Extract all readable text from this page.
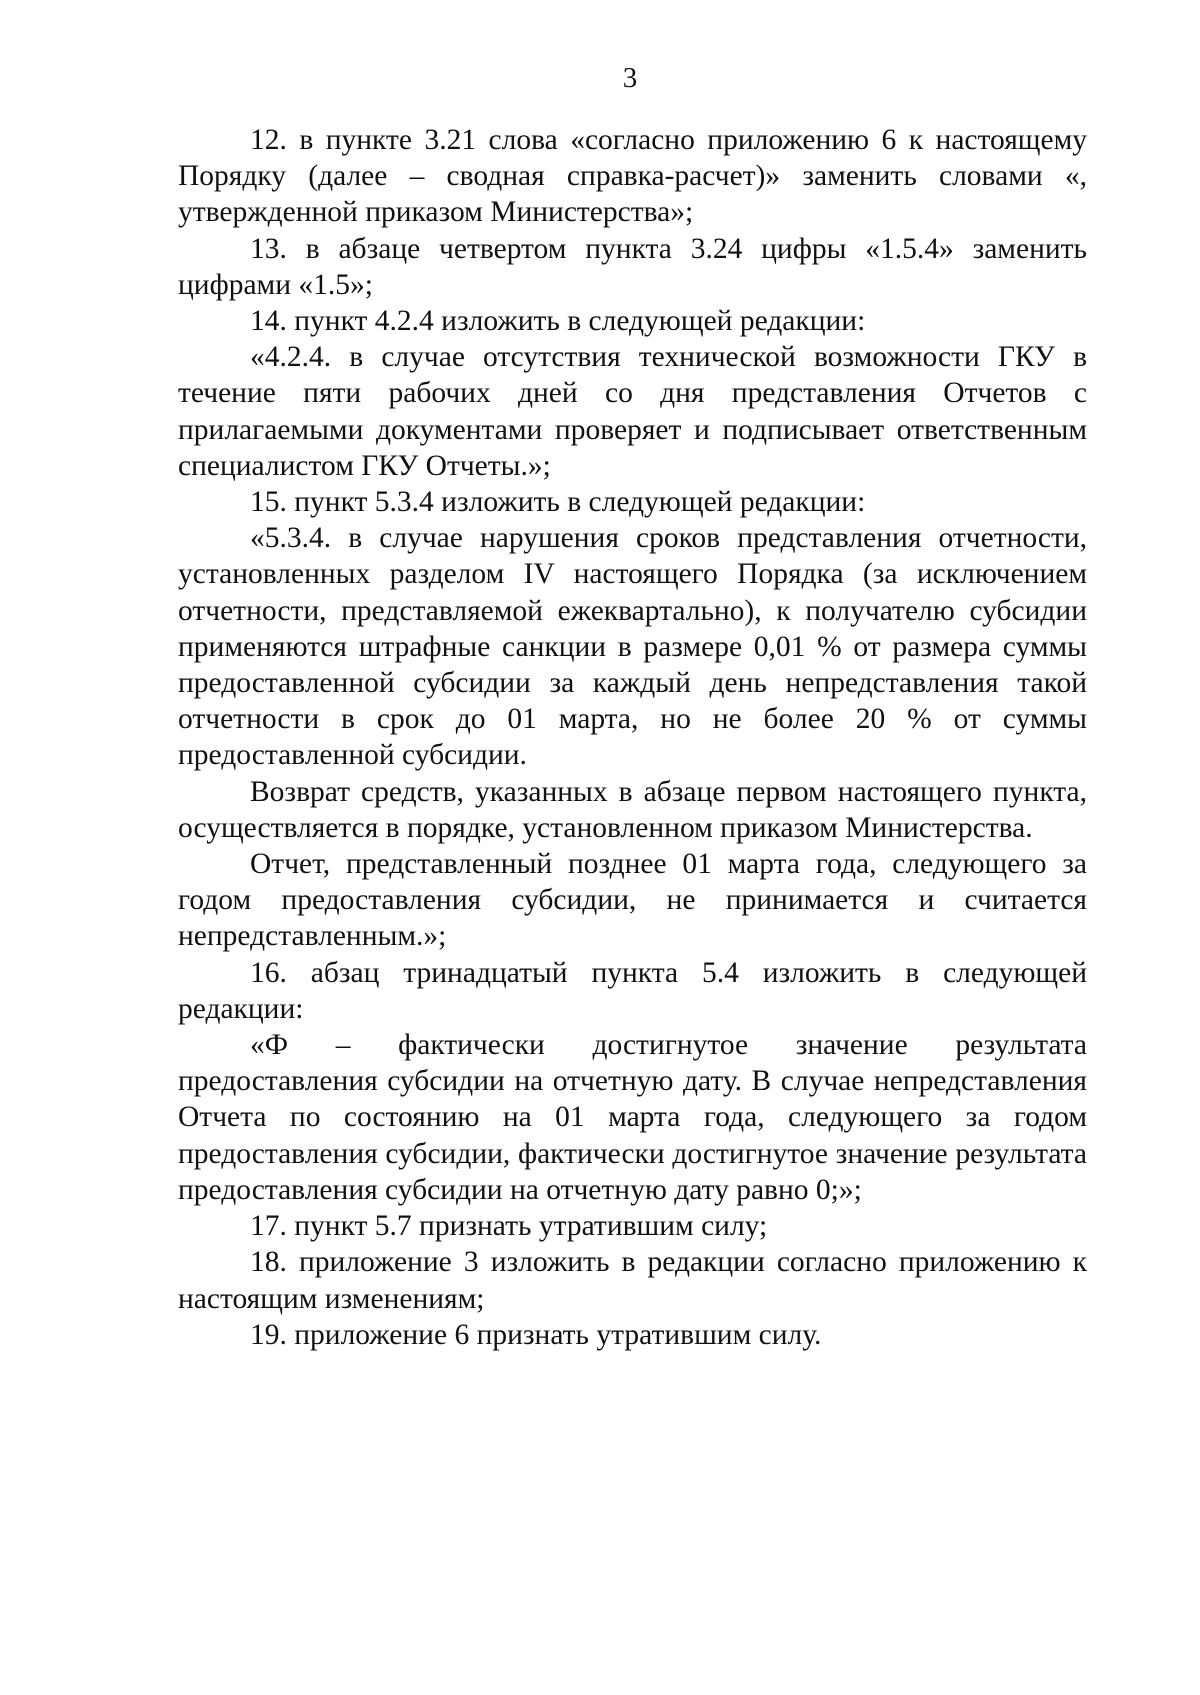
3

12. в пункте 3.21 слова «согласно приложению 6 к настоящему Порядку (далее – сводная справка-расчет)» заменить словами «, утвержденной приказом Министерства»;

13. в абзаце четвертом пункта 3.24 цифры «1.5.4» заменить цифрами «1.5»;

14. пункт 4.2.4 изложить в следующей редакции:

«4.2.4. в случае отсутствия технической возможности ГКУ в течение пяти рабочих дней со дня представления Отчетов с прилагаемыми документами проверяет и подписывает ответственным специалистом ГКУ Отчеты.»;

15. пункт 5.3.4 изложить в следующей редакции:

«5.3.4. в случае нарушения сроков представления отчетности, установленных разделом IV настоящего Порядка (за исключением отчетности, представляемой ежеквартально), к получателю субсидии применяются штрафные санкции в размере 0,01 % от размера суммы предоставленной субсидии за каждый день непредставления такой отчетности в срок до 01 марта, но не более 20 % от суммы предоставленной субсидии.

Возврат средств, указанных в абзаце первом настоящего пункта, осуществляется в порядке, установленном приказом Министерства.

Отчет, представленный позднее 01 марта года, следующего за годом предоставления субсидии, не принимается и считается непредставленным.»;

16. абзац тринадцатый пункта 5.4 изложить в следующей редакции:

«Ф – фактически достигнутое значение результата предоставления субсидии на отчетную дату. В случае непредставления Отчета по состоянию на 01 марта года, следующего за годом предоставления субсидии, фактически достигнутое значение результата предоставления субсидии на отчетную дату равно 0;»;

17. пункт 5.7 признать утратившим силу;

18. приложение 3 изложить в редакции согласно приложению к настоящим изменениям;

19. приложение 6 признать утратившим силу.
